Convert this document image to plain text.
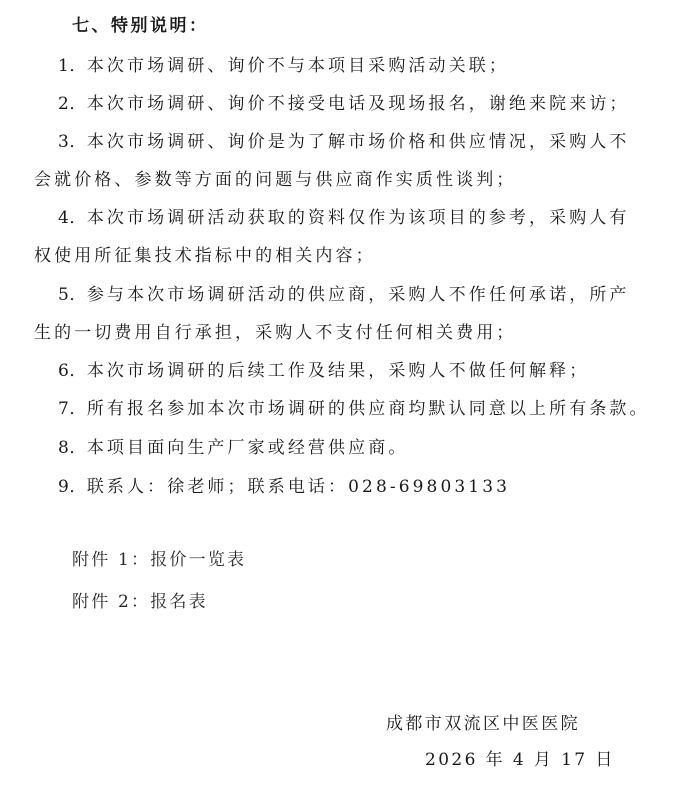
七、特别说明：
1．本次市场调研、询价不与本项目采购活动关联；
2．本次市场调研、询价不接受电话及现场报名，谢绝来院来访；
3．本次市场调研、询价是为了解市场价格和供应情况，采购人不
会就价格、参数等方面的问题与供应商作实质性谈判；
4．本次市场调研活动获取的资料仅作为该项目的参考，采购人有
权使用所征集技术指标中的相关内容；
5．参与本次市场调研活动的供应商，采购人不作任何承诺，所产
生的一切费用自行承担，采购人不支付任何相关费用；
6．本次市场调研的后续工作及结果，采购人不做任何解释；
7．所有报名参加本次市场调研的供应商均默认同意以上所有条款。
8．本项目面向生产厂家或经营供应商。
9．联系人：徐老师；联系电话：028-69803133
附件 1：报价一览表
附件 2：报名表
成都市双流区中医医院
2026 年 4 月 17 日
